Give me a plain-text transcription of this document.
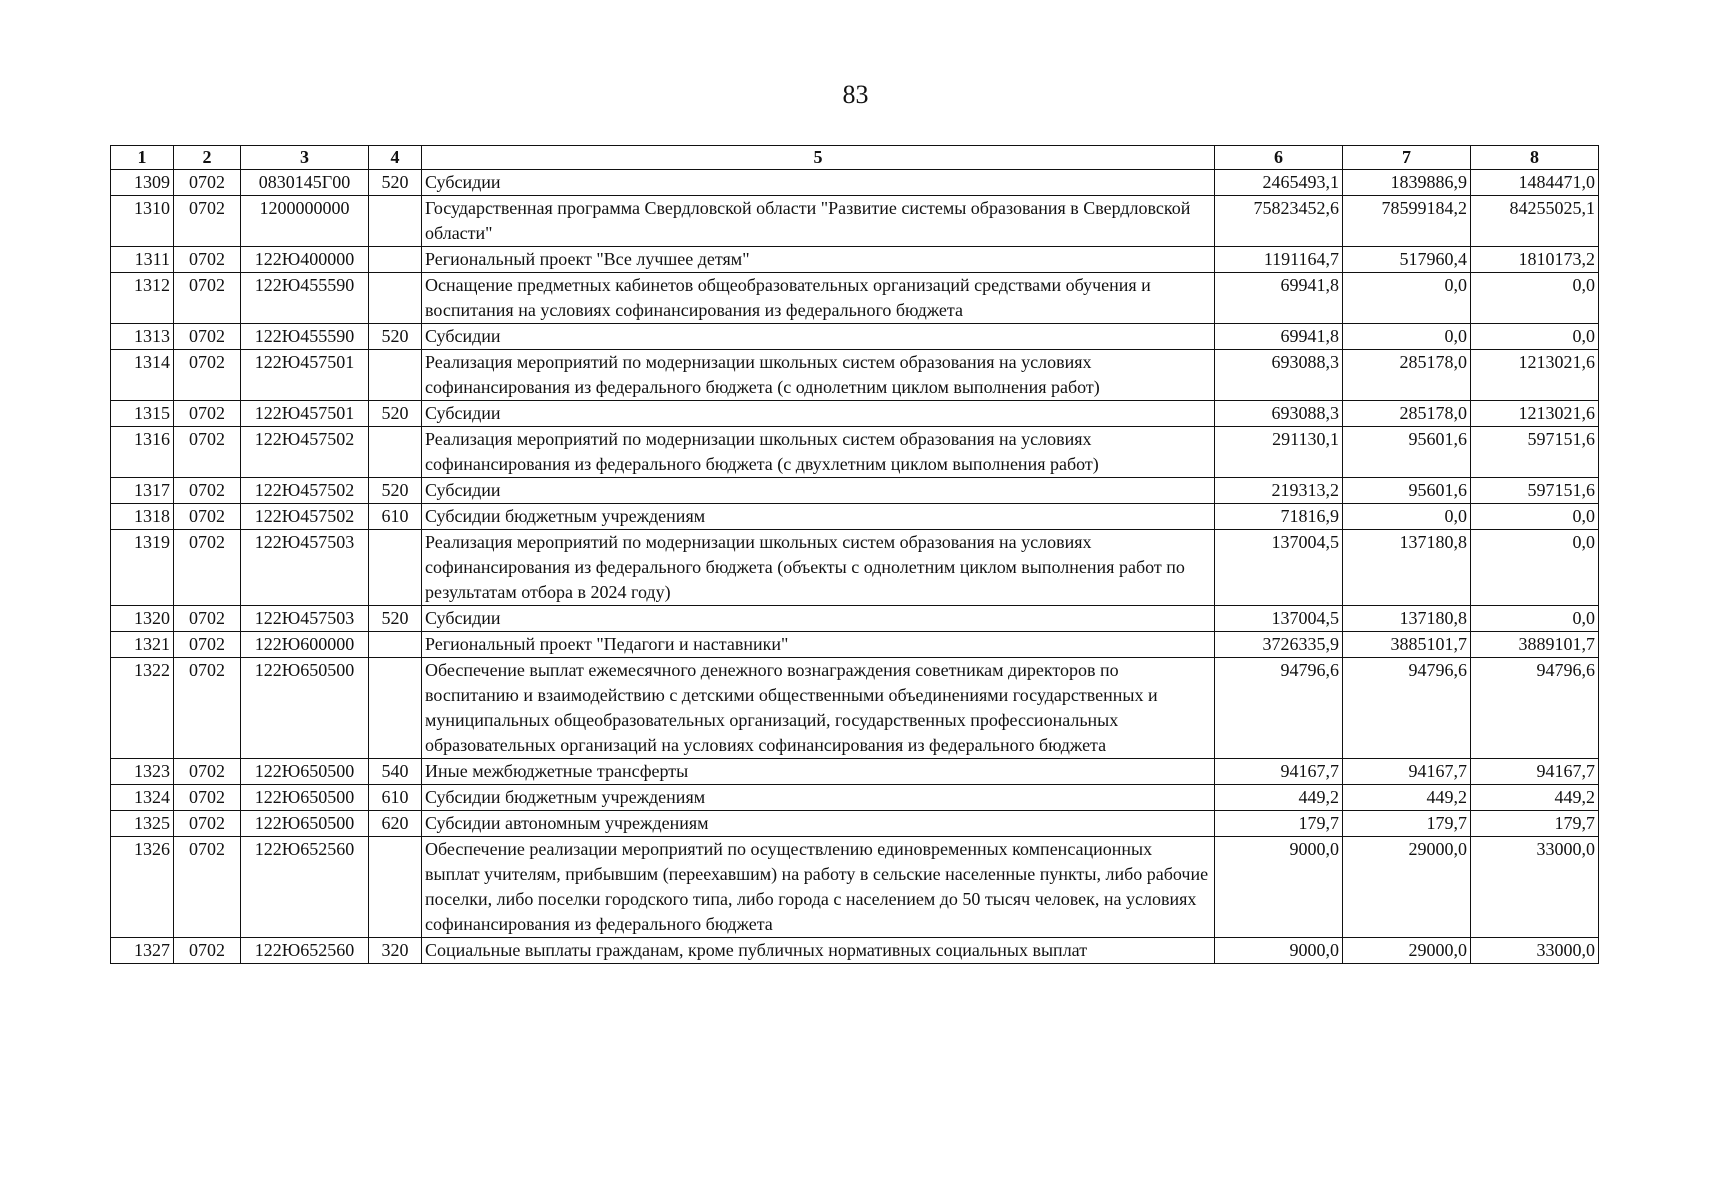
83
1	2	3	4	5	6	7	8
1309	0702	0830145Г00	520	Субсидии	2465493,1	1839886,9	1484471,0
1310	0702	1200000000		Государственная программа Свердловской области "Развитие системы образования в Свердловской области"	75823452,6	78599184,2	84255025,1
1311	0702	122Ю400000		Региональный проект "Все лучшее детям"	1191164,7	517960,4	1810173,2
1312	0702	122Ю455590		Оснащение предметных кабинетов общеобразовательных организаций средствами обучения и воспитания на условиях софинансирования из федерального бюджета	69941,8	0,0	0,0
1313	0702	122Ю455590	520	Субсидии	69941,8	0,0	0,0
1314	0702	122Ю457501		Реализация мероприятий по модернизации школьных систем образования на условиях софинансирования из федерального бюджета (с однолетним циклом выполнения работ)	693088,3	285178,0	1213021,6
1315	0702	122Ю457501	520	Субсидии	693088,3	285178,0	1213021,6
1316	0702	122Ю457502		Реализация мероприятий по модернизации школьных систем образования на условиях софинансирования из федерального бюджета (с двухлетним циклом выполнения работ)	291130,1	95601,6	597151,6
1317	0702	122Ю457502	520	Субсидии	219313,2	95601,6	597151,6
1318	0702	122Ю457502	610	Субсидии бюджетным учреждениям	71816,9	0,0	0,0
1319	0702	122Ю457503		Реализация мероприятий по модернизации школьных систем образования на условиях софинансирования из федерального бюджета (объекты с однолетним циклом выполнения работ по результатам отбора в 2024 году)	137004,5	137180,8	0,0
1320	0702	122Ю457503	520	Субсидии	137004,5	137180,8	0,0
1321	0702	122Ю600000		Региональный проект "Педагоги и наставники"	3726335,9	3885101,7	3889101,7
1322	0702	122Ю650500		Обеспечение выплат ежемесячного денежного вознаграждения советникам директоров по воспитанию и взаимодействию с детскими общественными объединениями государственных и муниципальных общеобразовательных организаций, государственных профессиональных образовательных организаций на условиях софинансирования из федерального бюджета	94796,6	94796,6	94796,6
1323	0702	122Ю650500	540	Иные межбюджетные трансферты	94167,7	94167,7	94167,7
1324	0702	122Ю650500	610	Субсидии бюджетным учреждениям	449,2	449,2	449,2
1325	0702	122Ю650500	620	Субсидии автономным учреждениям	179,7	179,7	179,7
1326	0702	122Ю652560		Обеспечение реализации мероприятий по осуществлению единовременных компенсационных выплат учителям, прибывшим (переехавшим) на работу в сельские населенные пункты, либо рабочие поселки, либо поселки городского типа, либо города с населением до 50 тысяч человек, на условиях софинансирования из федерального бюджета	9000,0	29000,0	33000,0
1327	0702	122Ю652560	320	Социальные выплаты гражданам, кроме публичных нормативных социальных выплат	9000,0	29000,0	33000,0
